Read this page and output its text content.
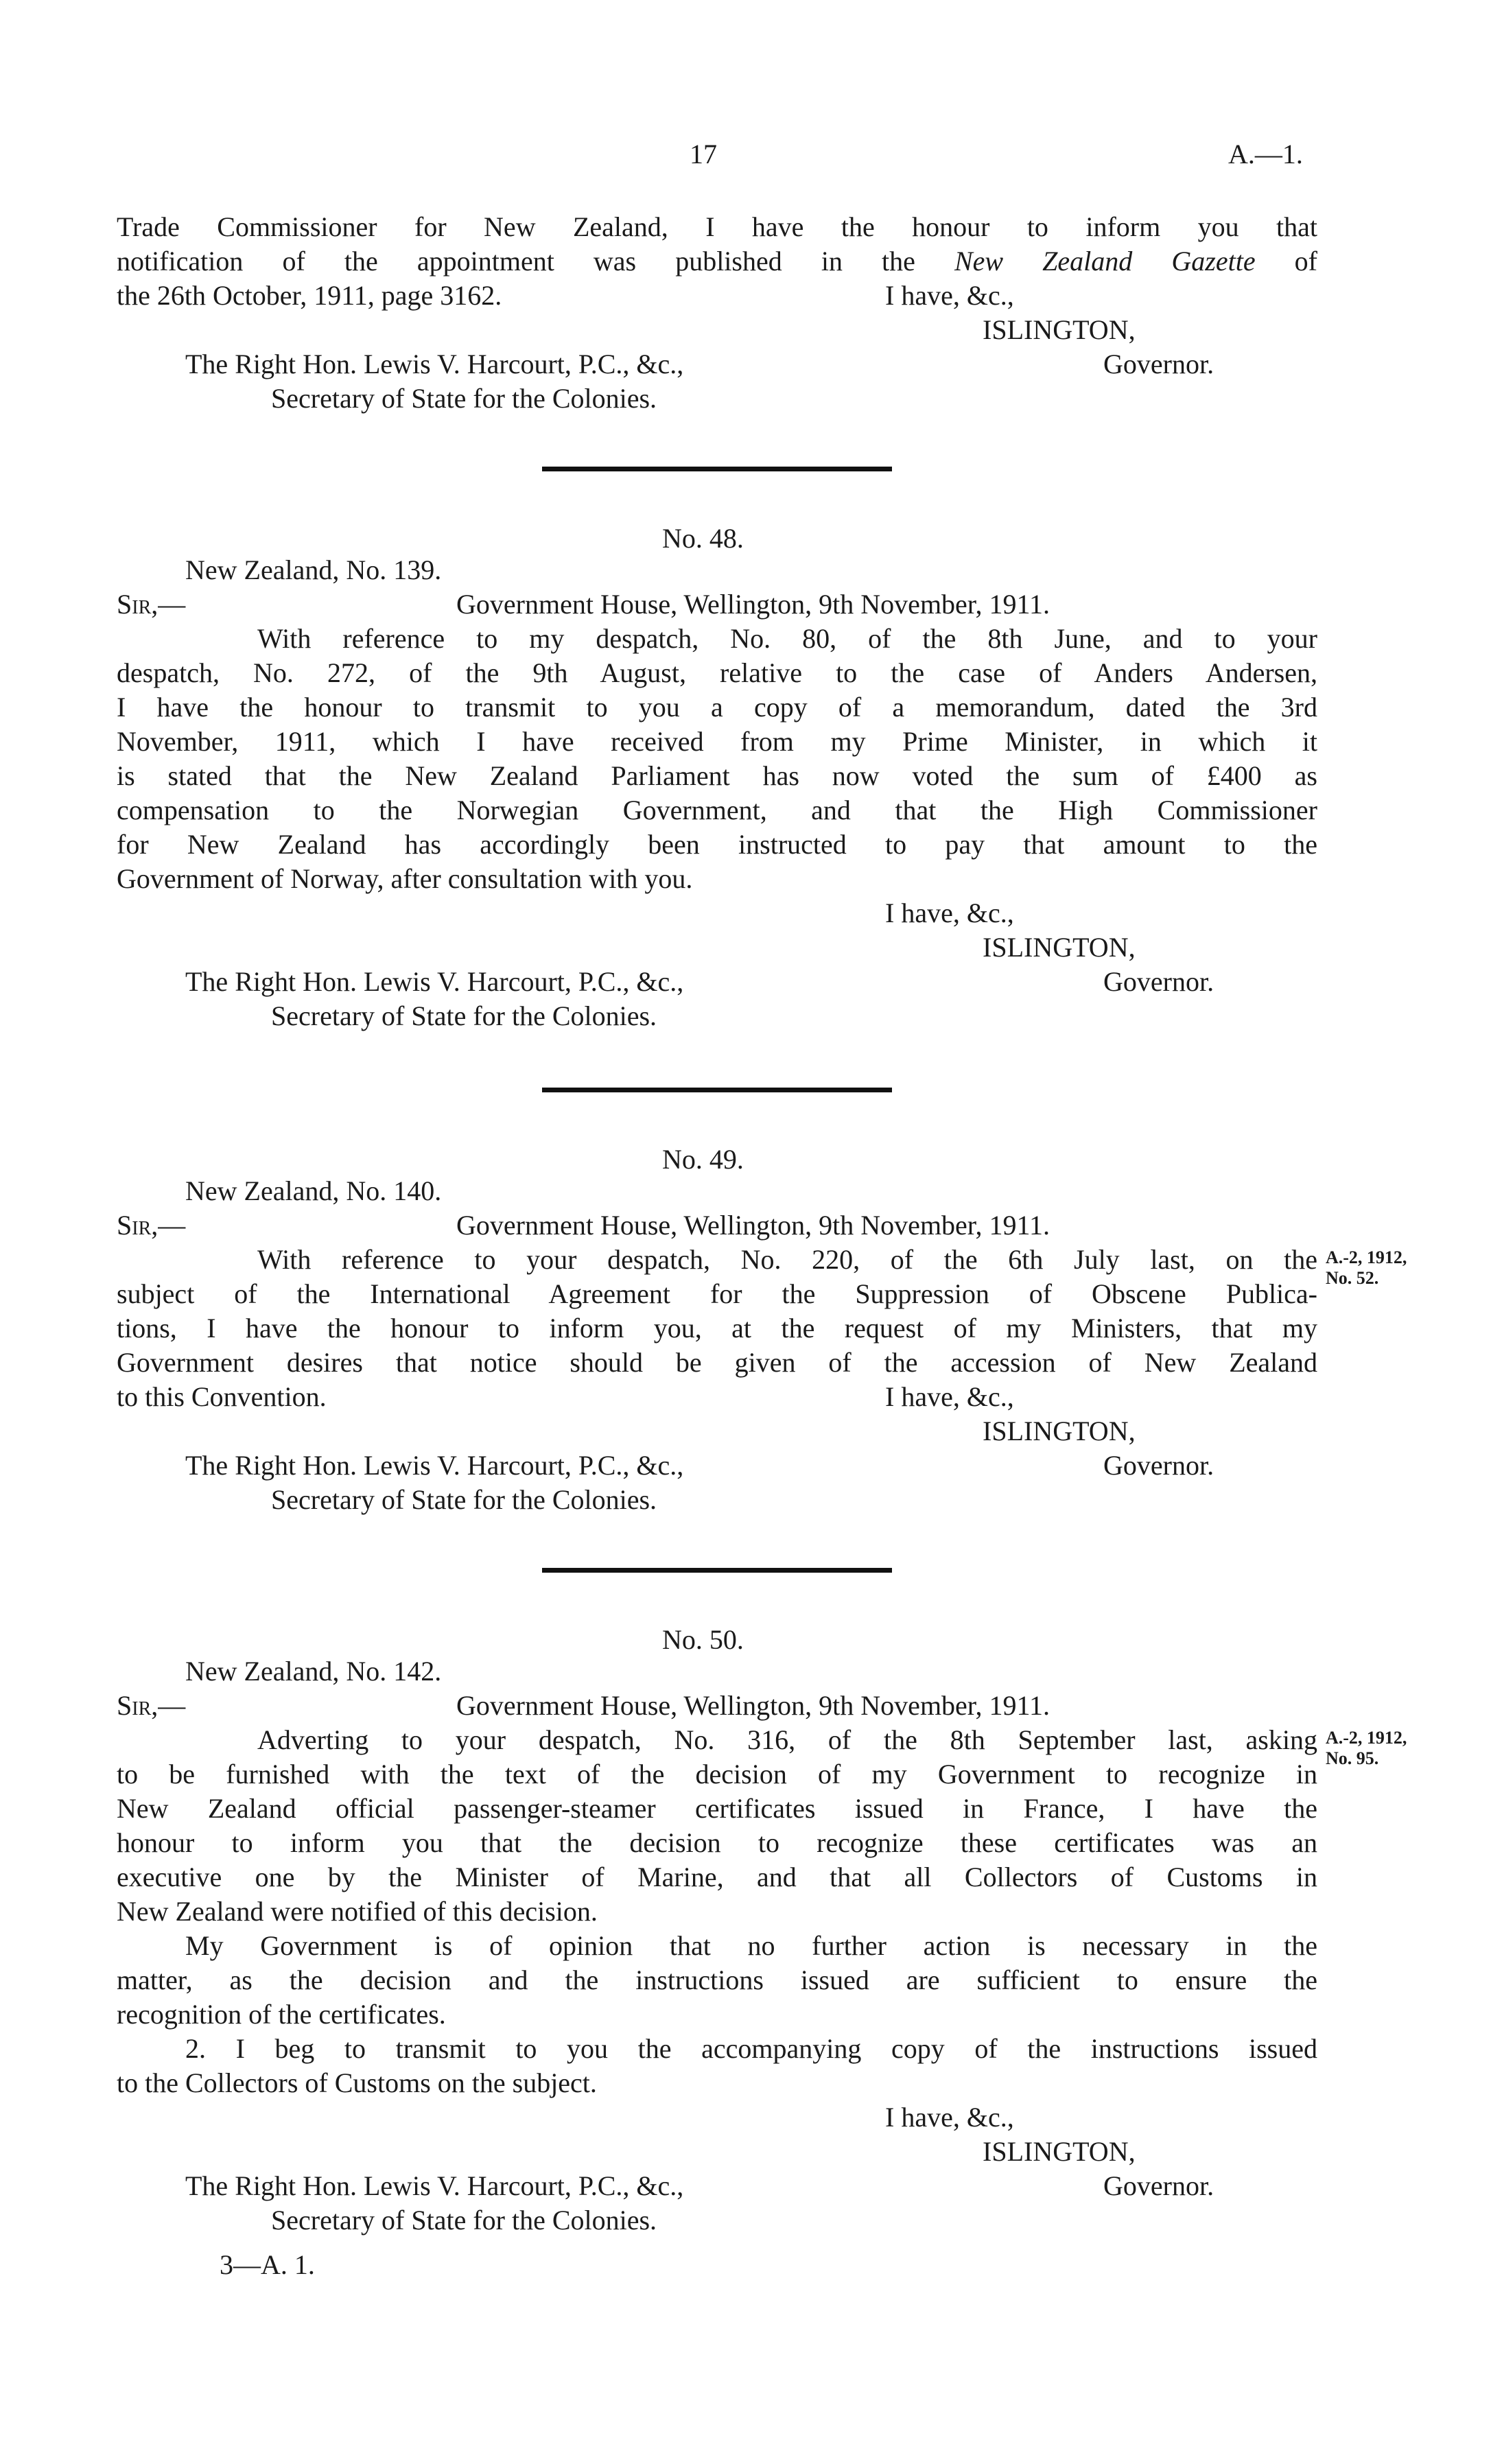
17	A.—1.
Trade Commissioner for New Zealand, I have the honour to inform you that
notification of the appointment was published in the New Zealand Gazette of
the 26th October, 1911, page 3162.	I have, &c.,
ISLINGTON,
The Right Hon. Lewis V. Harcourt, P.C., &c.,	Governor.
Secretary of State for the Colonies.
No. 48.
New Zealand, No. 139.
Sir,—	Government House, Wellington, 9th November, 1911.
With reference to my despatch, No. 80, of the 8th June, and to your
despatch, No. 272, of the 9th August, relative to the case of Anders Andersen,
I have the honour to transmit to you a copy of a memorandum, dated the 3rd
November, 1911, which I have received from my Prime Minister, in which it
is stated that the New Zealand Parliament has now voted the sum of £400 as
compensation to the Norwegian Government, and that the High Commissioner
for New Zealand has accordingly been instructed to pay that amount to the
Government of Norway, after consultation with you.
I have, &c.,
ISLINGTON,
The Right Hon. Lewis V. Harcourt, P.C., &c.,	Governor.
Secretary of State for the Colonies.
No. 49.
New Zealand, No. 140.
Sir,—	Government House, Wellington, 9th November, 1911.
With reference to your despatch, No. 220, of the 6th July last, on the
subject of the International Agreement for the Suppression of Obscene Publica-
tions, I have the honour to inform you, at the request of my Ministers, that my
Government desires that notice should be given of the accession of New Zealand
to this Convention.	I have, &c.,
ISLINGTON,
The Right Hon. Lewis V. Harcourt, P.C., &c.,	Governor.
Secretary of State for the Colonies.
A.-2, 1912,
No. 52.
No. 50.
New Zealand, No. 142.
Sir,—	Government House, Wellington, 9th November, 1911.
Adverting to your despatch, No. 316, of the 8th September last, asking
to be furnished with the text of the decision of my Government to recognize in
New Zealand official passenger-steamer certificates issued in France, I have the
honour to inform you that the decision to recognize these certificates was an
executive one by the Minister of Marine, and that all Collectors of Customs in
New Zealand were notified of this decision.
My Government is of opinion that no further action is necessary in the
matter, as the decision and the instructions issued are sufficient to ensure the
recognition of the certificates.
2. I beg to transmit to you the accompanying copy of the instructions issued
to the Collectors of Customs on the subject.
I have, &c.,
ISLINGTON,
The Right Hon. Lewis V. Harcourt, P.C., &c.,	Governor.
Secretary of State for the Colonies.
A.-2, 1912,
No. 95.
3—A. 1.
